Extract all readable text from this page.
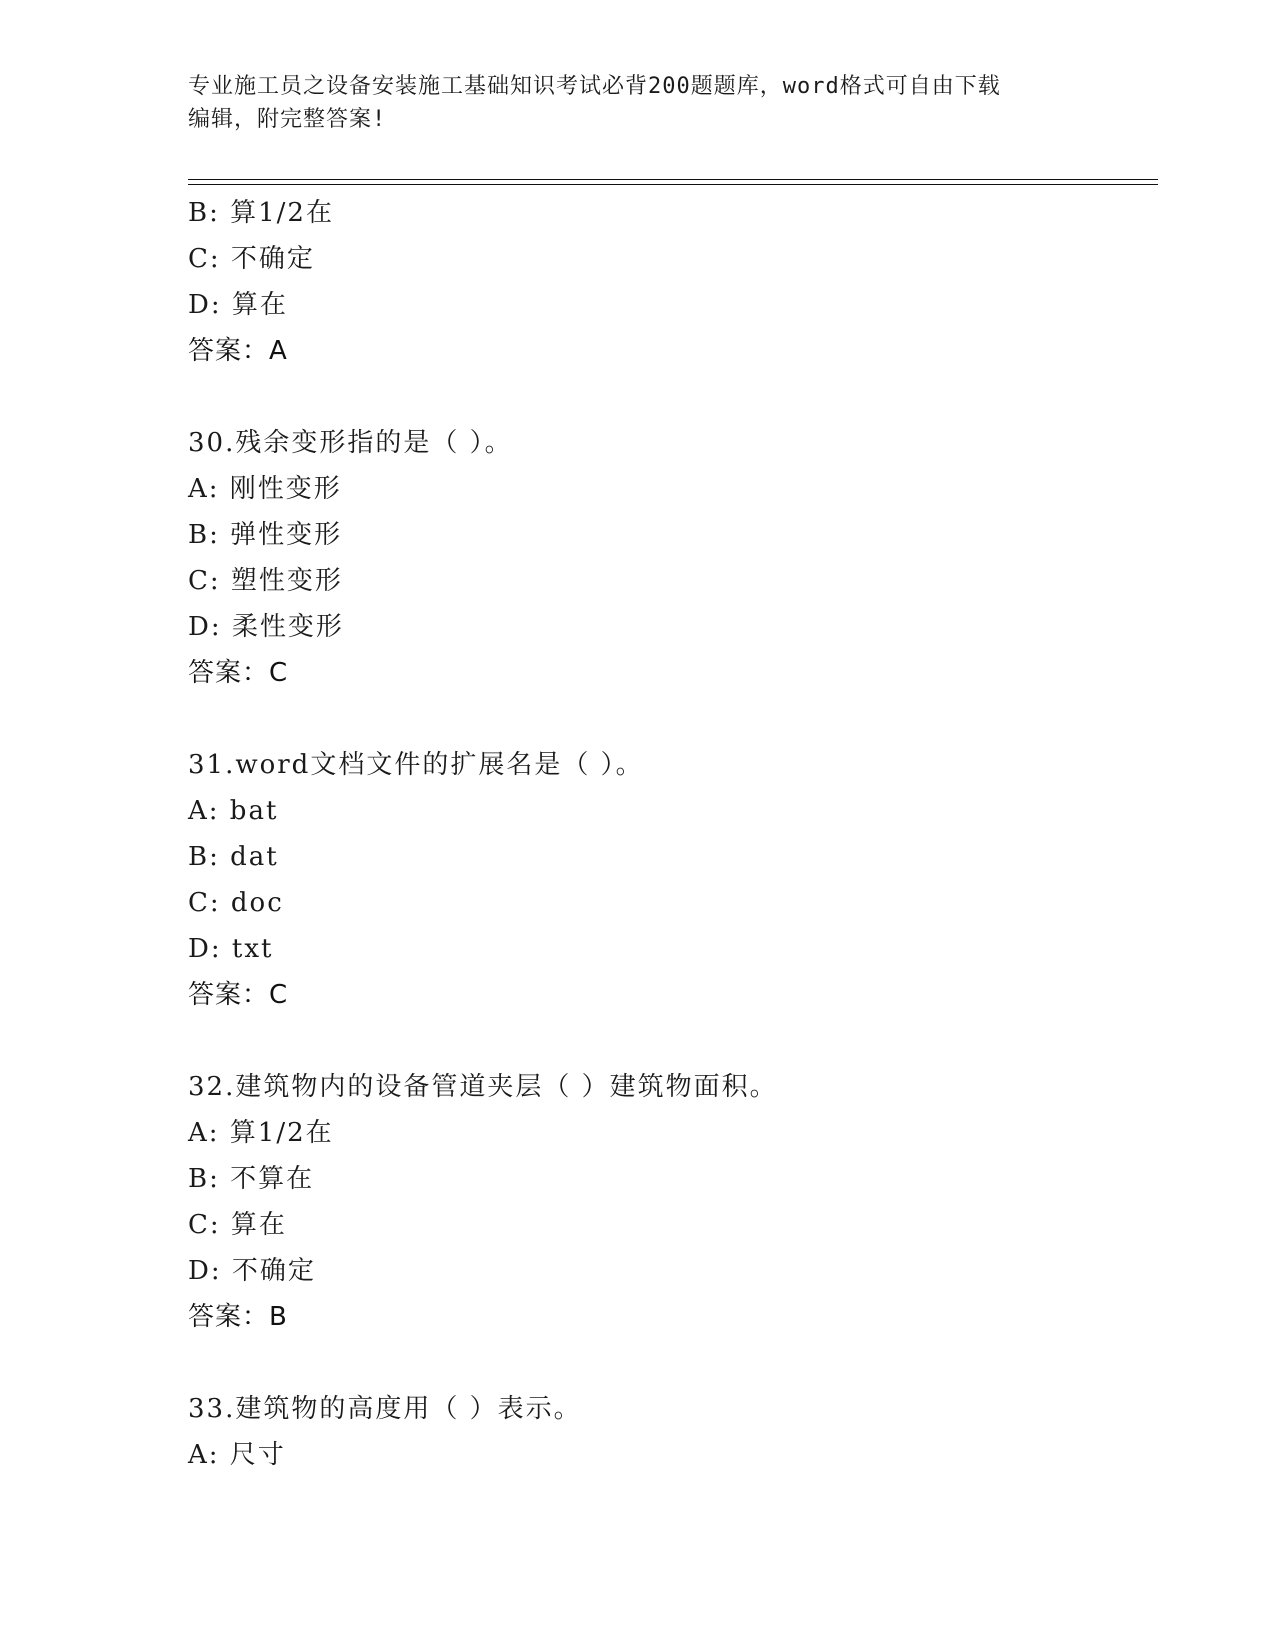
专业施工员之设备安装施工基础知识考试必背200题题库，word格式可自由下载
编辑，附完整答案!
B: 算1/2在
C: 不确定
D: 算在
答案：A
30.残余变形指的是（ ）。
A: 刚性变形
B: 弹性变形
C: 塑性变形
D: 柔性变形
答案：C
31.word文档文件的扩展名是（ ）。
A: bat
B: dat
C: doc
D: txt
答案：C
32.建筑物内的设备管道夹层（ ）建筑物面积。
A: 算1/2在
B: 不算在
C: 算在
D: 不确定
答案：B
33.建筑物的高度用（ ）表示。
A: 尺寸
